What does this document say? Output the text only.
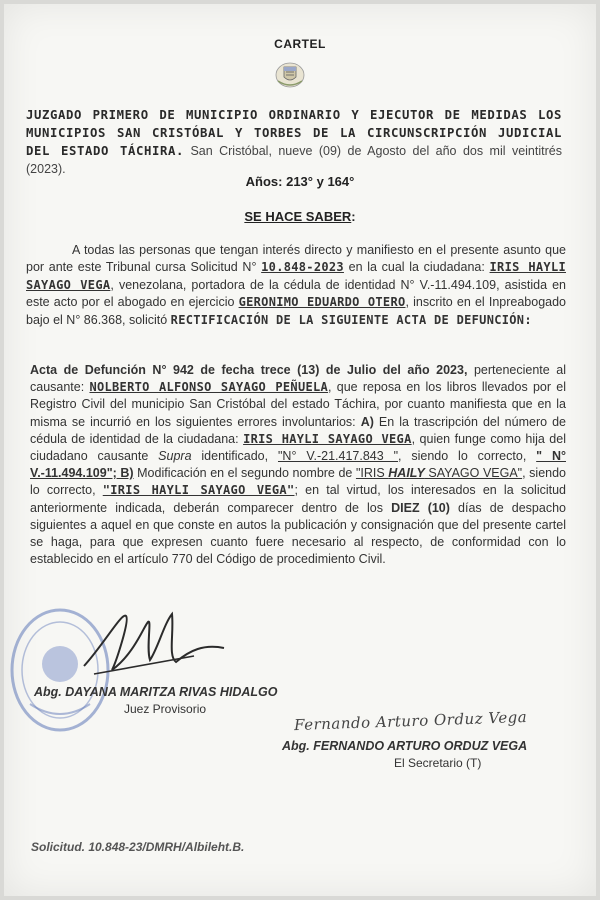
CARTEL
JUZGADO PRIMERO DE MUNICIPIO ORDINARIO Y EJECUTOR DE MEDIDAS LOS MUNICIPIOS SAN CRISTÓBAL Y TORBES DE LA CIRCUNSCRIPCIÓN JUDICIAL DEL ESTADO TÁCHIRA. San Cristóbal, nueve (09) de Agosto del año dos mil veintitrés (2023).
Años: 213° y 164°
SE HACE SABER:
A todas las personas que tengan interés directo y manifiesto en el presente asunto que por ante este Tribunal cursa Solicitud N° 10.848-2023 en la cual la ciudadana: IRIS HAYLI SAYAGO VEGA, venezolana, portadora de la cédula de identidad N° V.-11.494.109, asistida en este acto por el abogado en ejercicio GERONIMO EDUARDO OTERO, inscrito en el Inpreabogado bajo el N° 86.368, solicitó RECTIFICACIÓN DE LA SIGUIENTE ACTA DE DEFUNCIÓN:
Acta de Defunción N° 942 de fecha trece (13) de Julio del año 2023, perteneciente al causante: NOLBERTO ALFONSO SAYAGO PEÑUELA, que reposa en los libros llevados por el Registro Civil del municipio San Cristóbal del estado Táchira, por cuanto manifiesta que en la misma se incurrió en los siguientes errores involuntarios: A) En la trascripción del número de cédula de identidad de la ciudadana: IRIS HAYLI SAYAGO VEGA, quien funge como hija del ciudadano causante Supra identificado, "N° V.-21.417.843 ", siendo lo correcto, " N° V.-11.494.109"; B) Modificación en el segundo nombre de "IRIS HAILY SAYAGO VEGA", siendo lo correcto, "IRIS HAYLI SAYAGO VEGA"; en tal virtud, los interesados en la solicitud anteriormente indicada, deberán comparecer dentro de los DIEZ (10) días de despacho siguientes a aquel en que conste en autos la publicación y consignación que del presente cartel se haga, para que expresen cuanto fuere necesario al respecto, de conformidad con lo establecido en el artículo 770 del Código de procedimiento Civil.
Abg. DAYANA MARITZA RIVAS HIDALGO
Juez Provisorio	Fernando Arturo Orduz Vega
Abg. FERNANDO ARTURO ORDUZ VEGA
El Secretario (T)
Solicitud. 10.848-23/DMRH/Albileht.B.
